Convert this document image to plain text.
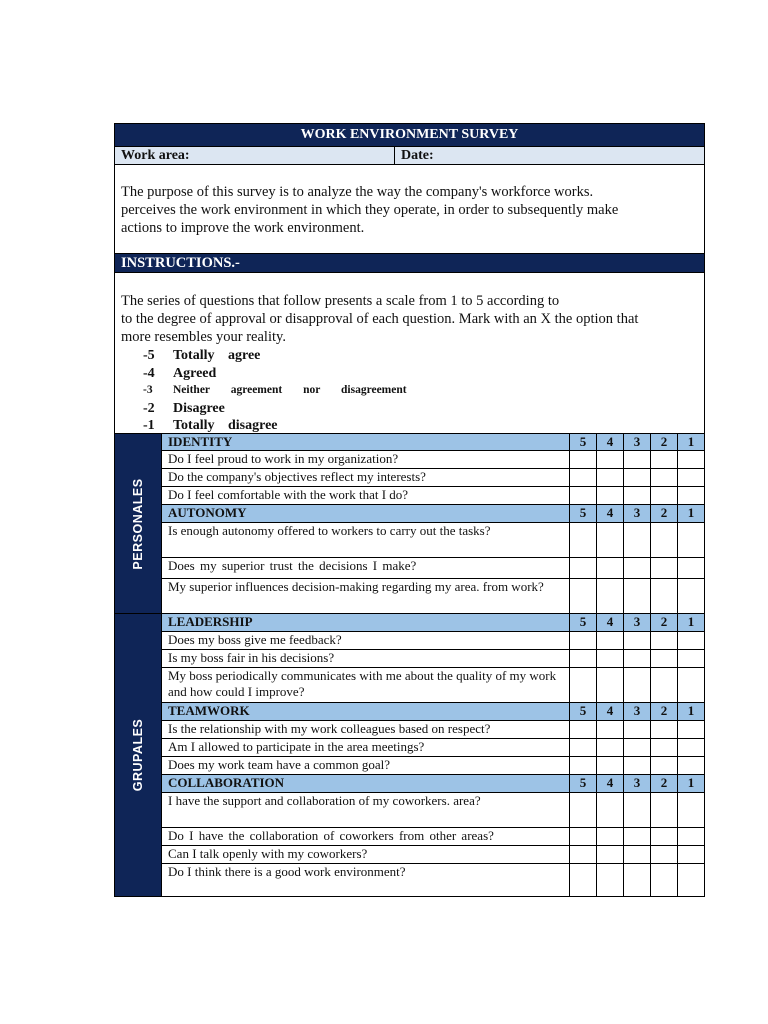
WORK ENVIRONMENT SURVEY
Work area:	Date:
The purpose of this survey is to analyze the way the company's workforce works.
perceives the work environment in which they operate, in order to subsequently make
actions to improve the work environment.
INSTRUCTIONS.-
The series of questions that follow presents a scale from 1 to 5 according to
to the degree of approval or disapproval of each question. Mark with an X the option that
more resembles your reality.
-5	Totally agree
-4	Agreed
-3	Neither agreement nor disagreement
-2	Disagree
-1	Totally disagree
PERSONALES
IDENTITY	5	4	3	2	1
Do I feel proud to work in my organization?
Do the company's objectives reflect my interests?
Do I feel comfortable with the work that I do?
AUTONOMY	5	4	3	2	1
Is enough autonomy offered to workers to carry out the tasks?
Does my superior trust the decisions I make?
My superior influences decision-making regarding my area. from work?
GRUPALES
LEADERSHIP	5	4	3	2	1
Does my boss give me feedback?
Is my boss fair in his decisions?
My boss periodically communicates with me about the quality of my work and how could I improve?
TEAMWORK	5	4	3	2	1
Is the relationship with my work colleagues based on respect?
Am I allowed to participate in the area meetings?
Does my work team have a common goal?
COLLABORATION	5	4	3	2	1
I have the support and collaboration of my coworkers. area?
Do I have the collaboration of coworkers from other areas?
Can I talk openly with my coworkers?
Do I think there is a good work environment?
